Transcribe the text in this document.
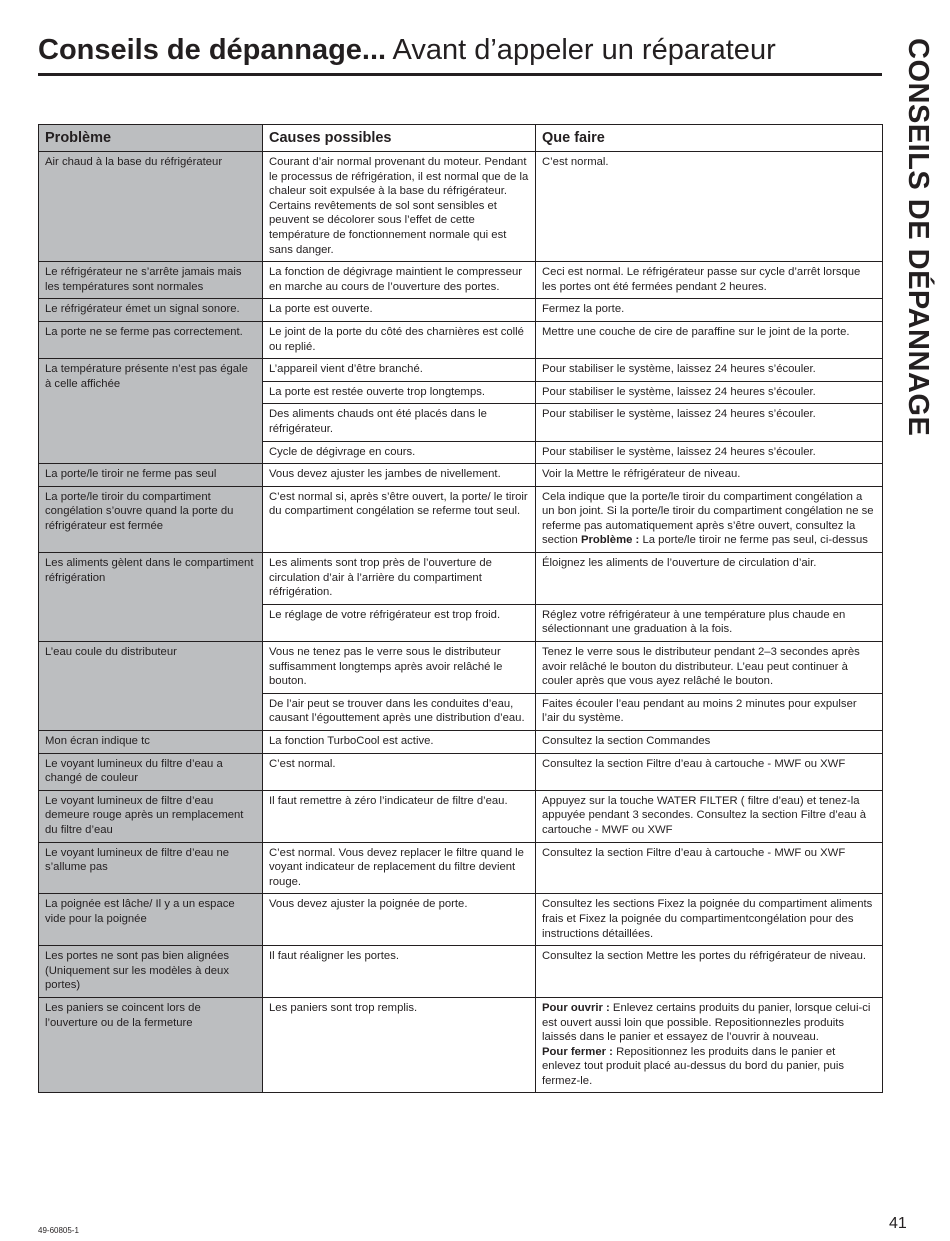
Conseils de dépannage... Avant d’appeler un réparateur	CONSEILS DE DÉPANNAGE
Problème	Causes possibles	Que faire
Air chaud à la base du réfrigérateur	Courant d’air normal provenant du moteur. Pendant le processus de réfrigération, il est normal que de la chaleur soit expulsée à la base du réfrigérateur. Certains revêtements de sol sont sensibles et peuvent se décolorer sous l’effet de cette température de fonctionnement normale qui est sans danger.	C’est normal.
Le réfrigérateur ne s’arrête jamais mais les températures sont normales	La fonction de dégivrage maintient le compresseur en marche au cours de l’ouverture des portes.	Ceci est normal. Le réfrigérateur passe sur cycle d’arrêt lorsque les portes ont été fermées pendant 2 heures.
Le réfrigérateur émet un signal sonore.	La porte est ouverte.	Fermez la porte.
La porte ne se ferme pas correctement.	Le joint de la porte du côté des charnières est collé ou replié.	Mettre une couche de cire de paraffine sur le joint de la porte.
La température présente n’est pas égale à celle affichée	L’appareil vient d’être branché.	Pour stabiliser le système, laissez 24 heures s’écouler.
	La porte est restée ouverte trop longtemps.	Pour stabiliser le système, laissez 24 heures s’écouler.
	Des aliments chauds ont été placés dans le réfrigérateur.	Pour stabiliser le système, laissez 24 heures s’écouler.
	Cycle de dégivrage en cours.	Pour stabiliser le système, laissez 24 heures s’écouler.
La porte/le tiroir ne ferme pas seul	Vous devez ajuster les jambes de nivellement.	Voir la Mettre le réfrigérateur de niveau.
La porte/le tiroir du compartiment congélation s’ouvre quand la porte du réfrigérateur est fermée	C’est normal si, après s’être ouvert, la porte/ le tiroir du compartiment congélation se referme tout seul.	Cela indique que la porte/le tiroir du compartiment congélation a un bon joint. Si la porte/le tiroir du compartiment congélation ne se referme pas automatiquement après s’être ouvert, consultez la section Problème : La porte/le tiroir ne ferme pas seul, ci-dessus
Les aliments gèlent dans le compartiment réfrigération	Les aliments sont trop près de l’ouverture de circulation d’air à l’arrière du compartiment réfrigération.	Éloignez les aliments de l’ouverture de circulation d’air.
	Le réglage de votre réfrigérateur est trop froid.	Réglez votre réfrigérateur à une température plus chaude en sélectionnant une graduation à la fois.
L’eau coule du distributeur	Vous ne tenez pas le verre sous le distributeur suffisamment longtemps après avoir relâché le bouton.	Tenez le verre sous le distributeur pendant 2–3 secondes après avoir relâché le bouton du distributeur. L’eau peut continuer à couler après que vous ayez relâché le bouton.
	De l’air peut se trouver dans les conduites d’eau, causant l’égouttement après une distribution d’eau.	Faites écouler l’eau pendant au moins 2 minutes pour expulser l’air du système.
Mon écran indique tc	La fonction TurboCool est active.	Consultez la section Commandes
Le voyant lumineux du filtre d’eau a changé de couleur	C’est normal.	Consultez la section Filtre d’eau à cartouche - MWF ou XWF
Le voyant lumineux de filtre d’eau demeure rouge après un remplacement du filtre d’eau	Il faut remettre à zéro l’indicateur de filtre d’eau.	Appuyez sur la touche WATER FILTER ( filtre d’eau) et tenez-la appuyée pendant 3 secondes. Consultez la section Filtre d’eau à cartouche - MWF ou XWF
Le voyant lumineux de filtre d’eau ne s’allume pas	C’est normal. Vous devez replacer le filtre quand le voyant indicateur de replacement du filtre devient rouge.	Consultez la section Filtre d’eau à cartouche - MWF ou XWF
La poignée est lâche/ Il y a un espace vide pour la poignée	Vous devez ajuster la poignée de porte.	Consultez les sections Fixez la poignée du compartiment aliments frais et Fixez la poignée du compartimentcongélation pour des instructions détaillées.
Les portes ne sont pas bien alignées (Uniquement sur les modèles à deux portes)	Il faut réaligner les portes.	Consultez la section Mettre les portes du réfrigérateur de niveau.
Les paniers se coincent lors de l’ouverture ou de la fermeture	Les paniers sont trop remplis.	Pour ouvrir : Enlevez certains produits du panier, lorsque celui-ci est ouvert aussi loin que possible. Repositionnezles produits laissés dans le panier et essayez de l’ouvrir à nouveau.
Pour fermer : Repositionnez les produits dans le panier et enlevez tout produit placé au-dessus du bord du panier, puis fermez-le.
49-60805-1	41
